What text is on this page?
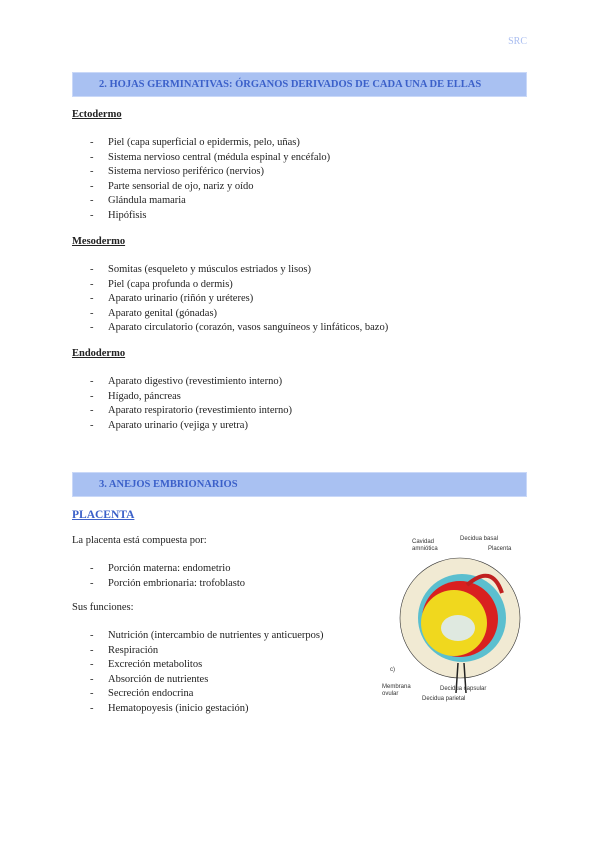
SRC
2. HOJAS GERMINATIVAS: ÓRGANOS DERIVADOS DE CADA UNA DE ELLAS
Ectodermo
- Piel (capa superficial o epidermis, pelo, uñas)
- Sistema nervioso central (médula espinal y encéfalo)
- Sistema nervioso periférico (nervios)
- Parte sensorial de ojo, nariz y oído
- Glándula mamaria
- Hipófisis
Mesodermo
- Somitas (esqueleto y músculos estriados y lisos)
- Piel (capa profunda o dermis)
- Aparato urinario (riñón y uréteres)
- Aparato genital (gónadas)
- Aparato circulatorio (corazón, vasos sanguíneos y linfáticos, bazo)
Endodermo
- Aparato digestivo (revestimiento interno)
- Hígado, páncreas
- Aparato respiratorio (revestimiento interno)
- Aparato urinario (vejiga y uretra)
3. ANEJOS EMBRIONARIOS
PLACENTA
La placenta está compuesta por:
- Porción materna: endometrio
- Porción embrionaria: trofoblasto
Sus funciones:
- Nutrición (intercambio de nutrientes y anticuerpos)
- Respiración
- Excreción metabolitos
- Absorción de nutrientes
- Secreción endocrina
- Hematopoyesis (inicio gestación)
Cavidad
amniótica
Decidua basal
Placenta
c)
Membrana
ovular
Decidua capsular
Decidua parietal
